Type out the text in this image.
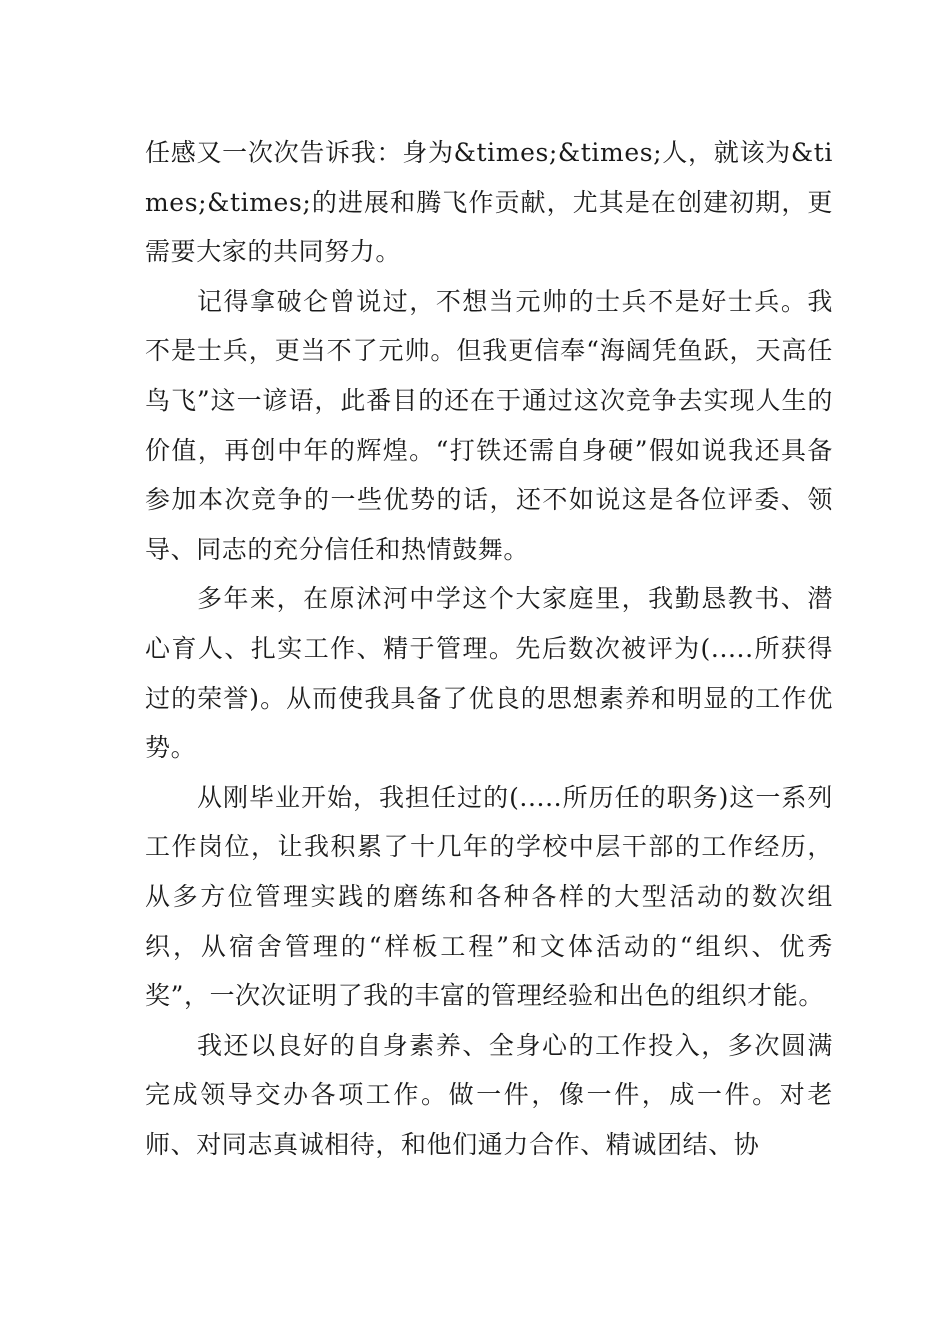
任感又一次次告诉我：身为&times;&times;人，就该为&times;&times;的进展和腾飞作贡献，尤其是在创建初期，更需要大家的共同努力。

记得拿破仑曾说过，不想当元帅的士兵不是好士兵。我不是士兵，更当不了元帅。但我更信奉“海阔凭鱼跃，天高任鸟飞”这一谚语，此番目的还在于通过这次竞争去实现人生的价值，再创中年的辉煌。“打铁还需自身硬”假如说我还具备参加本次竞争的一些优势的话，还不如说这是各位评委、领导、同志的充分信任和热情鼓舞。

多年来，在原沭河中学这个大家庭里，我勤恳教书、潜心育人、扎实工作、精于管理。先后数次被评为(.....所获得过的荣誉)。从而使我具备了优良的思想素养和明显的工作优势。

从刚毕业开始，我担任过的(.....所历任的职务)这一系列工作岗位，让我积累了十几年的学校中层干部的工作经历，从多方位管理实践的磨练和各种各样的大型活动的数次组织，从宿舍管理的“样板工程”和文体活动的“组织、优秀奖”，一次次证明了我的丰富的管理经验和出色的组织才能。

我还以良好的自身素养、全身心的工作投入，多次圆满完成领导交办各项工作。做一件，像一件，成一件。对老师、对同志真诚相待，和他们通力合作、精诚团结、协
